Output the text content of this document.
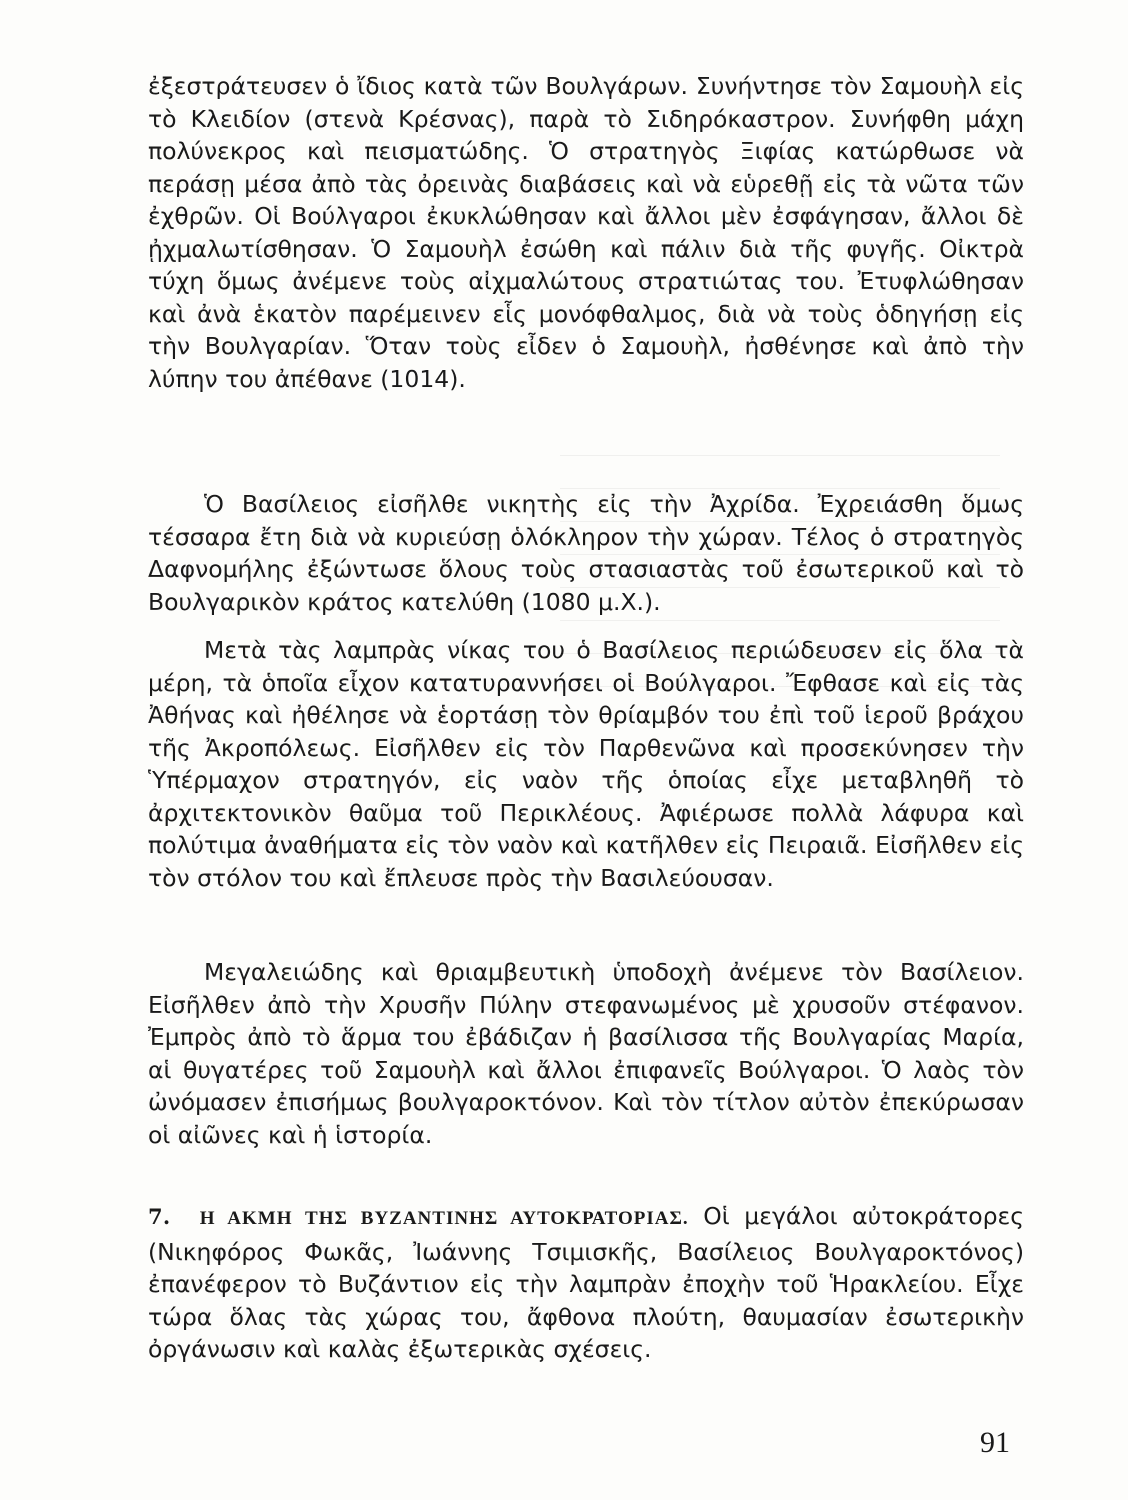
ἐξεστράτευσεν ὁ ἴδιος κατὰ τῶν Βουλγάρων. Συνήντησε τὸν Σαμουὴλ εἰς τὸ Κλειδίον (στενὰ Κρέσνας), παρὰ τὸ Σιδηρόκαστρον. Συνήφθη μάχη πολύνεκρος καὶ πεισματώδης. Ὁ στρατηγὸς Ξιφίας κατώρθωσε νὰ περάσῃ μέσα ἀπὸ τὰς ὀρεινὰς διαβάσεις καὶ νὰ εὑρεθῇ εἰς τὰ νῶτα τῶν ἐχθρῶν. Οἱ Βούλγαροι ἐκυκλώθησαν καὶ ἄλλοι μὲν ἐσφάγησαν, ἄλλοι δὲ ᾐχμαλωτίσθησαν. Ὁ Σαμουὴλ ἐσώθη καὶ πάλιν διὰ τῆς φυγῆς. Οἰκτρὰ τύχη ὅμως ἀνέμενε τοὺς αἰχμαλώτους στρατιώτας του. Ἐτυφλώθησαν καὶ ἀνὰ ἑκατὸν παρέμεινεν εἷς μονόφθαλμος, διὰ νὰ τοὺς ὁδηγήσῃ εἰς τὴν Βουλγαρίαν. Ὅταν τοὺς εἶδεν ὁ Σαμουὴλ, ἠσθένησε καὶ ἀπὸ τὴν λύπην του ἀπέθανε (1014).

Ὁ Βασίλειος εἰσῆλθε νικητὴς εἰς τὴν Ἀχρίδα. Ἐχρειάσθη ὅμως τέσσαρα ἔτη διὰ νὰ κυριεύσῃ ὁλόκληρον τὴν χώραν. Τέλος ὁ στρατηγὸς Δαφνομήλης ἐξώντωσε ὅλους τοὺς στασιαστὰς τοῦ ἐσωτερικοῦ καὶ τὸ Βουλγαρικὸν κράτος κατελύθη (1080 μ.Χ.).

Μετὰ τὰς λαμπρὰς νίκας του ὁ Βασίλειος περιώδευσεν εἰς ὅλα τὰ μέρη, τὰ ὁποῖα εἶχον κατατυραννήσει οἱ Βούλγαροι. Ἔφθασε καὶ εἰς τὰς Ἀθήνας καὶ ἠθέλησε νὰ ἑορτάσῃ τὸν θρίαμβόν του ἐπὶ τοῦ ἱεροῦ βράχου τῆς Ἀκροπόλεως. Εἰσῆλθεν εἰς τὸν Παρθενῶνα καὶ προσεκύνησεν τὴν Ὑπέρμαχον στρατηγόν, εἰς ναὸν τῆς ὁποίας εἶχε μεταβληθῆ τὸ ἀρχιτεκτονικὸν θαῦμα τοῦ Περικλέους. Ἀφιέρωσε πολλὰ λάφυρα καὶ πολύτιμα ἀναθήματα εἰς τὸν ναὸν καὶ κατῆλθεν εἰς Πειραιᾶ. Εἰσῆλθεν εἰς τὸν στόλον του καὶ ἔπλευσε πρὸς τὴν Βασιλεύουσαν.

Μεγαλειώδης καὶ θριαμβευτικὴ ὑποδοχὴ ἀνέμενε τὸν Βασίλειον. Εἰσῆλθεν ἀπὸ τὴν Χρυσῆν Πύλην στεφανωμένος μὲ χρυσοῦν στέφανον. Ἐμπρὸς ἀπὸ τὸ ἅρμα του ἐβάδιζαν ἡ βασίλισσα τῆς Βουλγαρίας Μαρία, αἱ θυγατέρες τοῦ Σαμουὴλ καὶ ἄλλοι ἐπιφανεῖς Βούλγαροι. Ὁ λαὸς τὸν ὠνόμασεν ἐπισήμως βουλγαροκτόνον. Καὶ τὸν τίτλον αὐτὸν ἐπεκύρωσαν οἱ αἰῶνες καὶ ἡ ἱστορία.

7. Η ΑΚΜΗ ΤΗΣ ΒΥΖΑΝΤΙΝΗΣ ΑΥΤΟΚΡΑΤΟΡΙΑΣ. Οἱ μεγάλοι αὐτοκράτορες (Νικηφόρος Φωκᾶς, Ἰωάννης Τσιμισκῆς, Βασίλειος Βουλγαροκτόνος) ἐπανέφερον τὸ Βυζάντιον εἰς τὴν λαμπρὰν ἐποχὴν τοῦ Ἡρακλείου. Εἶχε τώρα ὅλας τὰς χώρας του, ἄφθονα πλούτη, θαυμασίαν ἐσωτερικὴν ὀργάνωσιν καὶ καλὰς ἐξωτερικὰς σχέσεις.

91
